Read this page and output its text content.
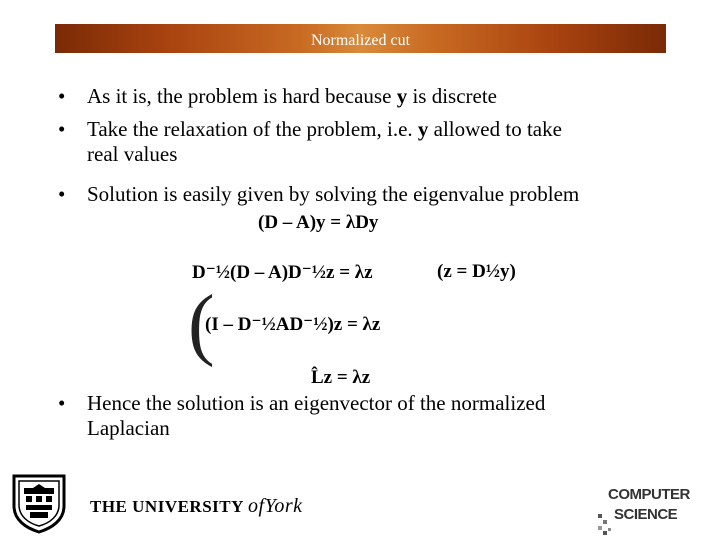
Normalized cut
•	As it is, the problem is hard because y is discrete
•	Take the relaxation of the problem, i.e. y allowed to take
real values
•	Solution is easily given by solving the eigenvalue problem
•	Hence the solution is an eigenvector of the normalized
Laplacian
(D – A)y = λDy
D⁻½(D – A)D⁻½z = λz	(z = D½y)
(
(I – D⁻½AD⁻½)z = λz
L̂z = λz
THE UNIVERSITY ofYork
COMPUTER
SCIENCE
